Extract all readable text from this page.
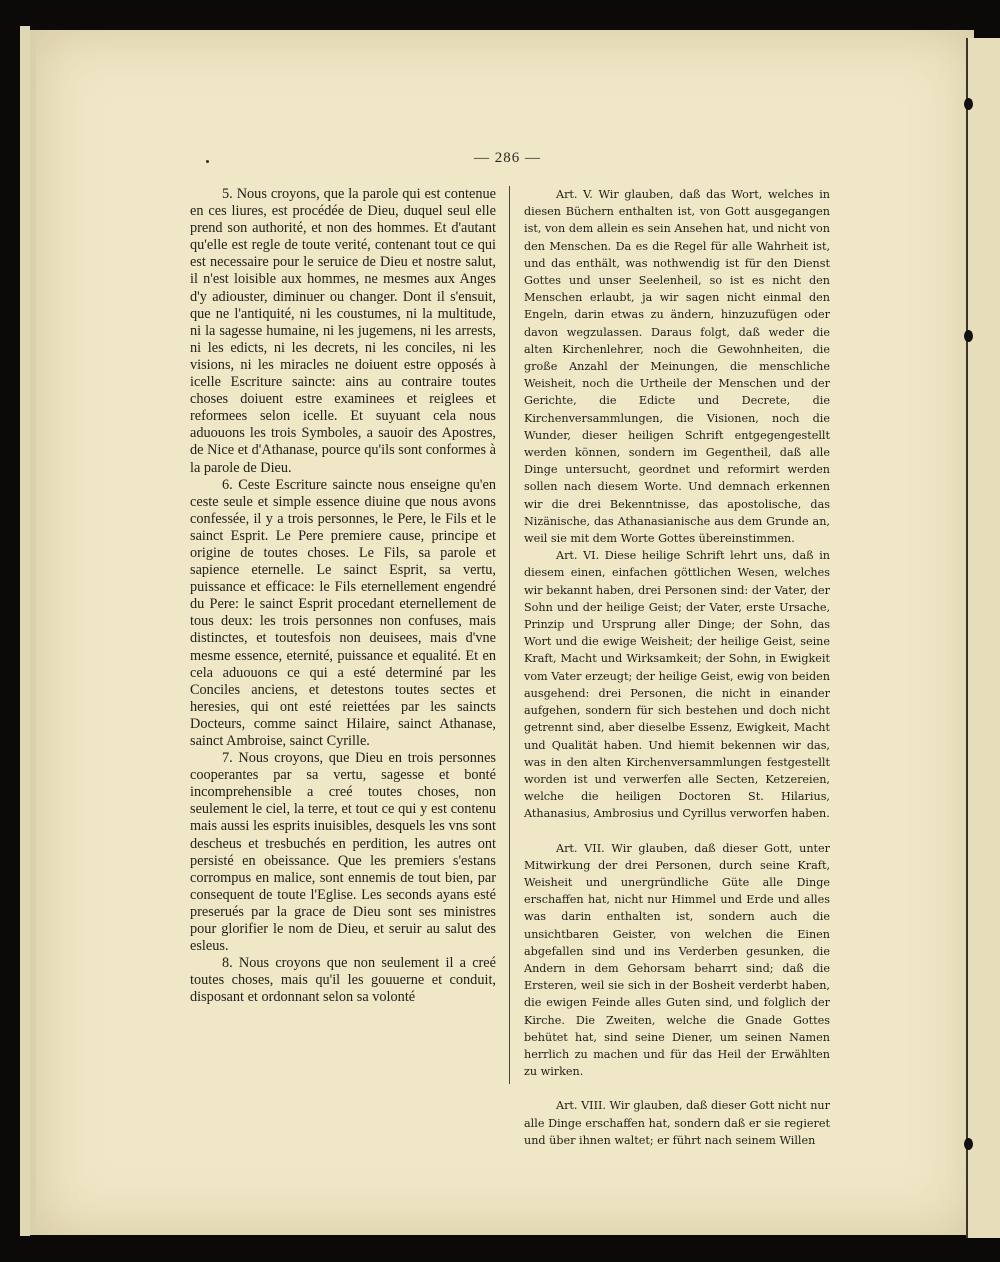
— 286 —

5. Nous croyons, que la parole qui est contenue en ces liures, est procédée de Dieu, duquel seul elle prend son authorité, et non des hommes. Et d'autant qu'elle est regle de toute verité, contenant tout ce qui est necessaire pour le seruice de Dieu et nostre salut, il n'est loisible aux hommes, ne mesmes aux Anges d'y adiouster, diminuer ou changer. Dont il s'ensuit, que ne l'antiquité, ni les coustumes, ni la multitude, ni la sagesse humaine, ni les jugemens, ni les arrests, ni les edicts, ni les decrets, ni les conciles, ni les visions, ni les miracles ne doiuent estre opposés à icelle Escriture saincte: ains au contraire toutes choses doiuent estre examinees et reiglees et reformees selon icelle. Et suyuant cela nous aduouons les trois Symboles, a sauoir des Apostres, de Nice et d'Athanase, pource qu'ils sont conformes à la parole de Dieu.

6. Ceste Escriture saincte nous enseigne qu'en ceste seule et simple essence diuine que nous avons confessée, il y a trois personnes, le Pere, le Fils et le sainct Esprit. Le Pere premiere cause, principe et origine de toutes choses. Le Fils, sa parole et sapience eternelle. Le sainct Esprit, sa vertu, puissance et efficace: le Fils eternellement engendré du Pere: le sainct Esprit procedant eternellement de tous deux: les trois personnes non confuses, mais distinctes, et toutesfois non deuisees, mais d'vne mesme essence, eternité, puissance et equalité. Et en cela aduouons ce qui a esté determiné par les Conciles anciens, et detestons toutes sectes et heresies, qui ont esté reiettées par les saincts Docteurs, comme sainct Hilaire, sainct Athanase, sainct Ambroise, sainct Cyrille.

7. Nous croyons, que Dieu en trois personnes cooperantes par sa vertu, sagesse et bonté incomprehensible a creé toutes choses, non seulement le ciel, la terre, et tout ce qui y est contenu mais aussi les esprits inuisibles, desquels les vns sont descheus et tresbuchés en perdition, les autres ont persisté en obeissance. Que les premiers s'estans corrompus en malice, sont ennemis de tout bien, par consequent de toute l'Eglise. Les seconds ayans esté preserués par la grace de Dieu sont ses ministres pour glorifier le nom de Dieu, et seruir au salut des esleus.

8. Nous croyons que non seulement il a creé toutes choses, mais qu'il les gouuerne et conduit, disposant et ordonnant selon sa volonté

Art. V. Wir glauben, daß das Wort, welches in diesen Büchern enthalten ist, von Gott ausgegangen ist, von dem allein es sein Ansehen hat, und nicht von den Menschen. Da es die Regel für alle Wahrheit ist, und das enthält, was nothwendig ist für den Dienst Gottes und unser Seelenheil, so ist es nicht den Menschen erlaubt, ja wir sagen nicht einmal den Engeln, darin etwas zu ändern, hinzuzufügen oder davon wegzulassen. Daraus folgt, daß weder die alten Kirchenlehrer, noch die Gewohnheiten, die große Anzahl der Meinungen, die menschliche Weisheit, noch die Urtheile der Menschen und der Gerichte, die Edicte und Decrete, die Kirchenversammlungen, die Visionen, noch die Wunder, dieser heiligen Schrift entgegengestellt werden können, sondern im Gegentheil, daß alle Dinge untersucht, geordnet und reformirt werden sollen nach diesem Worte. Und demnach erkennen wir die drei Bekenntnisse, das apostolische, das Nizänische, das Athanasianische aus dem Grunde an, weil sie mit dem Worte Gottes übereinstimmen.

Art. VI. Diese heilige Schrift lehrt uns, daß in diesem einen, einfachen göttlichen Wesen, welches wir bekannt haben, drei Personen sind: der Vater, der Sohn und der heilige Geist; der Vater, erste Ursache, Prinzip und Ursprung aller Dinge; der Sohn, das Wort und die ewige Weisheit; der heilige Geist, seine Kraft, Macht und Wirksamkeit; der Sohn, in Ewigkeit vom Vater erzeugt; der heilige Geist, ewig von beiden ausgehend: drei Personen, die nicht in einander aufgehen, sondern für sich bestehen und doch nicht getrennt sind, aber dieselbe Essenz, Ewigkeit, Macht und Qualität haben. Und hiemit bekennen wir das, was in den alten Kirchenversammlungen festgestellt worden ist und verwerfen alle Secten, Ketzereien, welche die heiligen Doctoren St. Hilarius, Athanasius, Ambrosius und Cyrillus verworfen haben.

Art. VII. Wir glauben, daß dieser Gott, unter Mitwirkung der drei Personen, durch seine Kraft, Weisheit und unergründliche Güte alle Dinge erschaffen hat, nicht nur Himmel und Erde und alles was darin enthalten ist, sondern auch die unsichtbaren Geister, von welchen die Einen abgefallen sind und ins Verderben gesunken, die Andern in dem Gehorsam beharrt sind; daß die Ersteren, weil sie sich in der Bosheit verderbt haben, die ewigen Feinde alles Guten sind, und folglich der Kirche. Die Zweiten, welche die Gnade Gottes behütet hat, sind seine Diener, um seinen Namen herrlich zu machen und für das Heil der Erwählten zu wirken.

Art. VIII. Wir glauben, daß dieser Gott nicht nur alle Dinge erschaffen hat, sondern daß er sie regieret und über ihnen waltet; er führt nach seinem Willen
